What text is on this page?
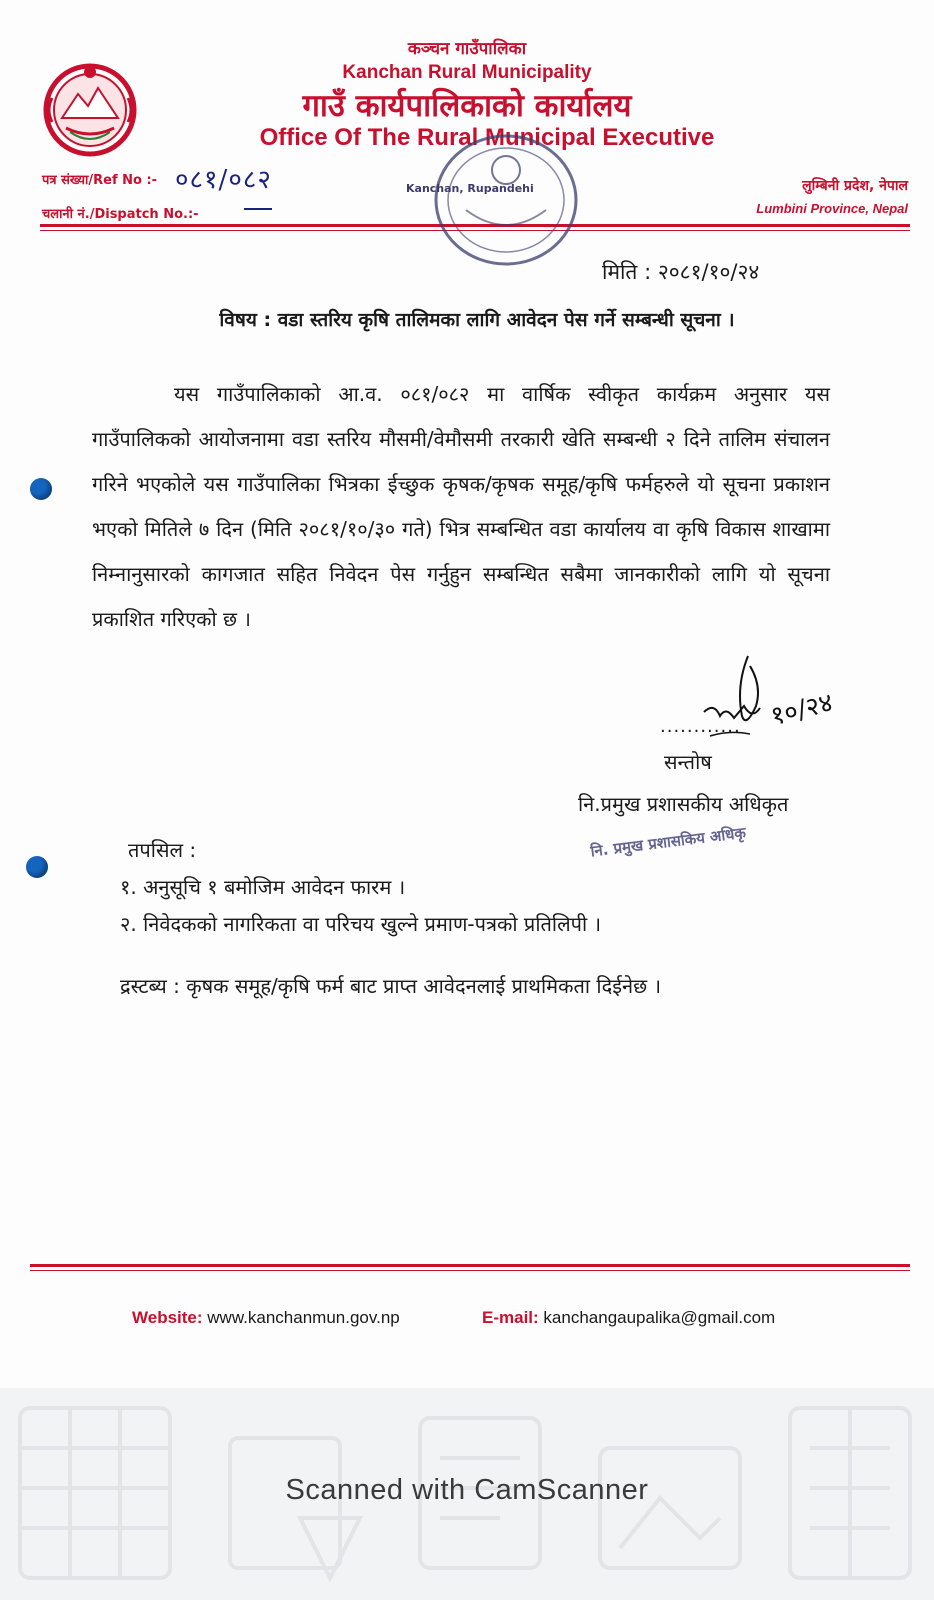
कञ्चन गाउँपालिका
Kanchan Rural Municipality
गाउँ कार्यपालिकाको कार्यालय
Office Of The Rural Municipal Executive
पत्र संख्या/Ref No :- ०८१/०८२
चलानी नं./Dispatch No.:-
लुम्बिनी प्रदेश, नेपाल
Lumbini Province, Nepal
Kanchan, Rupandehi
मिति : २०८१/१०/२४
विषय : वडा स्तरिय कृषि तालिमका लागि आवेदन पेस गर्ने सम्बन्धी सूचना ।
यस गाउँपालिकाको आ.व. ०८१/०८२ मा वार्षिक स्वीकृत कार्यक्रम अनुसार यस गाउँपालिकको आयोजनामा वडा स्तरिय मौसमी/वेमौसमी तरकारी खेति सम्बन्धी २ दिने तालिम संचालन गरिने भएकोले यस गाउँपालिका भित्रका ईच्छुक कृषक/कृषक समूह/कृषि फर्महरुले यो सूचना प्रकाशन भएको मितिले ७ दिन (मिति २०८१/१०/३० गते) भित्र सम्बन्धित वडा कार्यालय वा कृषि विकास शाखामा निम्नानुसारको कागजात सहित निवेदन पेस गर्नुहुन सम्बन्धित सबैमा जानकारीको लागि यो सूचना प्रकाशित गरिएको छ ।
............ १०/२४
सन्तोष
नि.प्रमुख प्रशासकीय अधिकृत
नि. प्रमुख प्रशासकिय अधिकृ
तपसिल :
१. अनुसूचि १ बमोजिम आवेदन फारम ।
२. निवेदकको नागरिकता वा परिचय खुल्ने प्रमाण-पत्रको प्रतिलिपी ।
द्रस्टब्य : कृषक समूह/कृषि फर्म बाट प्राप्त आवेदनलाई प्राथमिकता दिईनेछ ।
Website: www.kanchanmun.gov.np	E-mail: kanchangaupalika@gmail.com
Scanned with CamScanner
